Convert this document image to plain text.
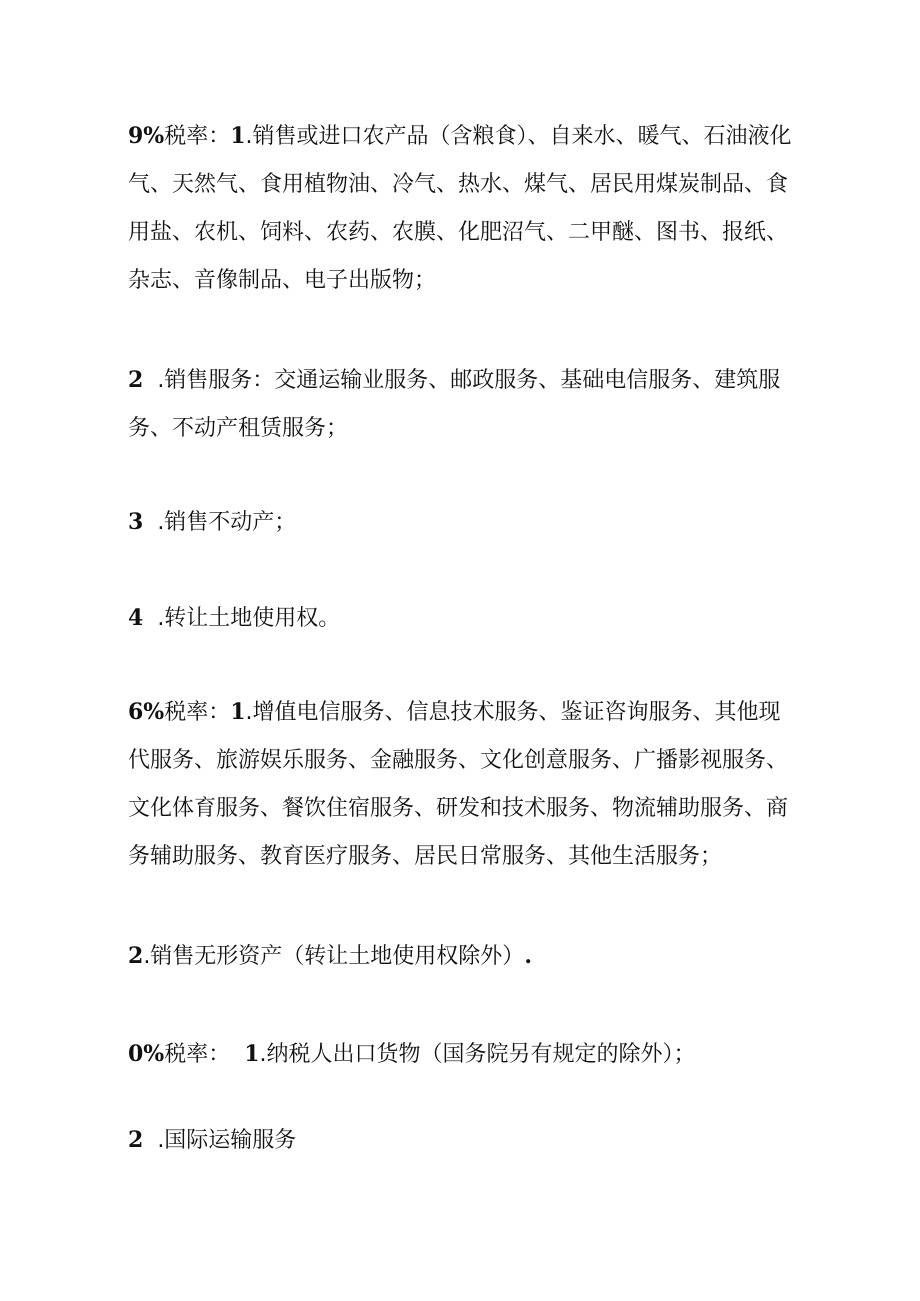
9%税率：1.销售或进口农产品（含粮食）、自来水、暖气、石油液化气、天然气、食用植物油、冷气、热水、煤气、居民用煤炭制品、食用盐、农机、饲料、农药、农膜、化肥沼气、二甲醚、图书、报纸、杂志、音像制品、电子出版物；

2 .销售服务：交通运输业服务、邮政服务、基础电信服务、建筑服务、不动产租赁服务；

3 .销售不动产；

4 .转让土地使用权。

6%税率：1.增值电信服务、信息技术服务、鉴证咨询服务、其他现代服务、旅游娱乐服务、金融服务、文化创意服务、广播影视服务、文化体育服务、餐饮住宿服务、研发和技术服务、物流辅助服务、商务辅助服务、教育医疗服务、居民日常服务、其他生活服务；

2.销售无形资产（转让土地使用权除外）.

0%税率： 1.纳税人出口货物（国务院另有规定的除外）；

2 .国际运输服务
